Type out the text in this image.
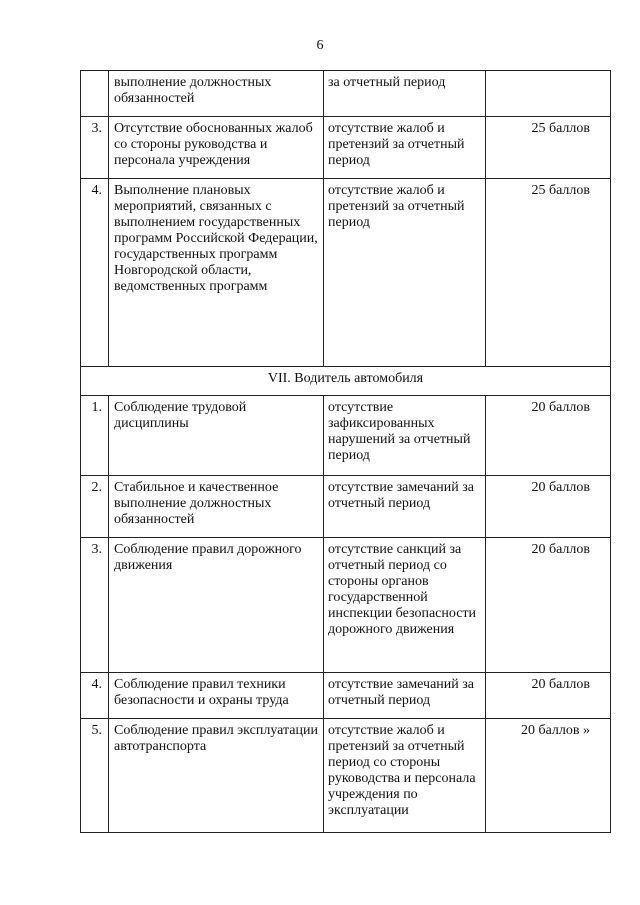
6
	выполнение должностных обязанностей	за отчетный период	
3.	Отсутствие обоснованных жалоб со стороны руководства и персонала учреждения	отсутствие жалоб и претензий за отчетный период	25 баллов
4.	Выполнение плановых мероприятий, связанных с выполнением государственных программ Российской Федерации, государственных программ Новгородской области, ведомственных программ	отсутствие жалоб и претензий за отчетный период	25 баллов
VII. Водитель автомобиля			
1.	Соблюдение трудовой дисциплины	отсутствие зафиксированных нарушений за отчетный период	20 баллов
2.	Стабильное и качественное выполнение должностных обязанностей	отсутствие замечаний за отчетный период	20 баллов
3.	Соблюдение правил дорожного движения	отсутствие санкций за отчетный период со стороны органов государственной инспекции безопасности дорожного движения	20 баллов
4.	Соблюдение правил техники безопасности и охраны труда	отсутствие замечаний за отчетный период	20 баллов
5.	Соблюдение правил эксплуатации автотранспорта	отсутствие жалоб и претензий за отчетный период со стороны руководства и персонала учреждения по эксплуатации	20 баллов »
